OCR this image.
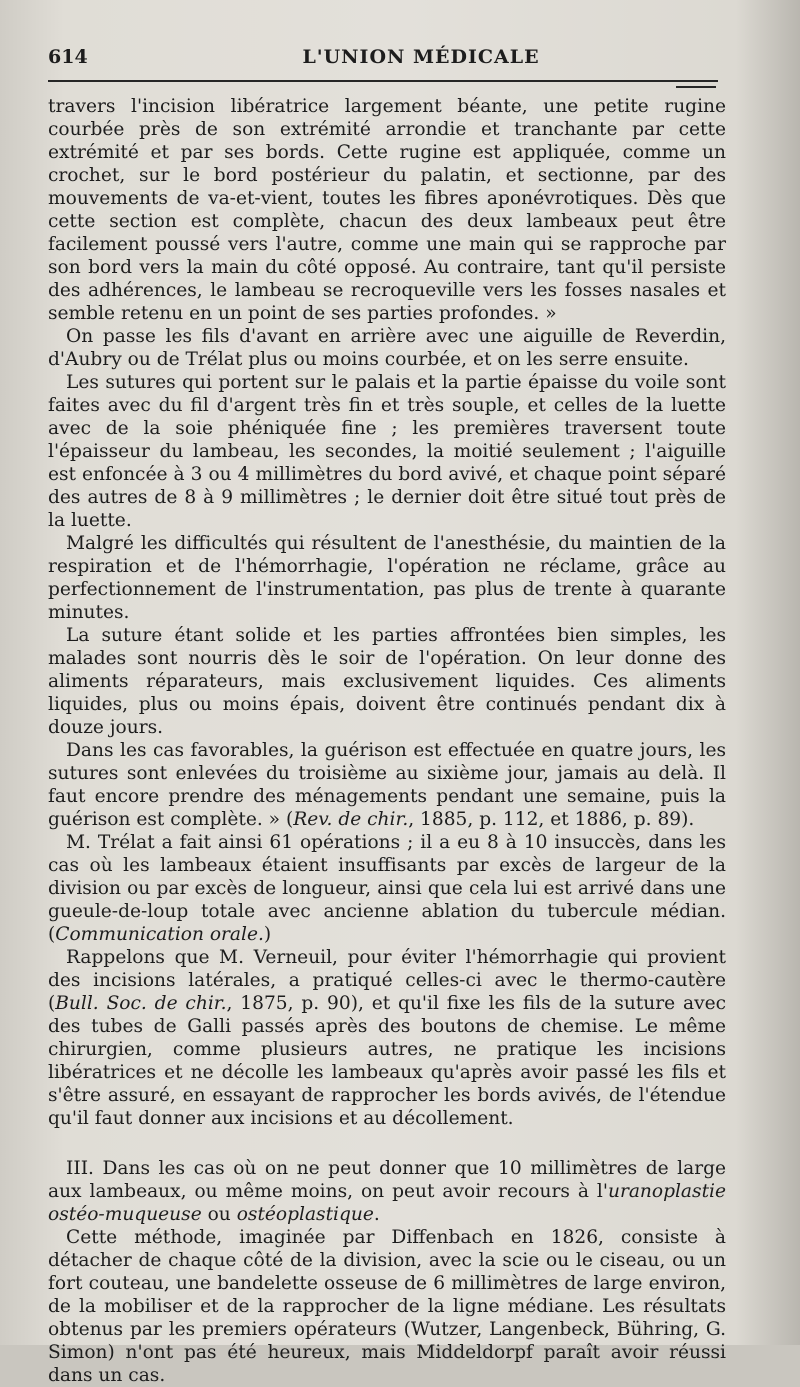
614	L'UNION MÉDICALE

travers l'incision libératrice largement béante, une petite rugine courbée près de son extrémité arrondie et tranchante par cette extrémité et par ses bords. Cette rugine est appliquée, comme un crochet, sur le bord postérieur du palatin, et sectionne, par des mouvements de va-et-vient, toutes les fibres aponévrotiques. Dès que cette section est complète, chacun des deux lambeaux peut être facilement poussé vers l'autre, comme une main qui se rapproche par son bord vers la main du côté opposé. Au contraire, tant qu'il persiste des adhérences, le lambeau se recroqueville vers les fosses nasales et semble retenu en un point de ses parties profondes. »

On passe les fils d'avant en arrière avec une aiguille de Reverdin, d'Aubry ou de Trélat plus ou moins courbée, et on les serre ensuite.

Les sutures qui portent sur le palais et la partie épaisse du voile sont faites avec du fil d'argent très fin et très souple, et celles de la luette avec de la soie phéniquée fine ; les premières traversent toute l'épaisseur du lambeau, les secondes, la moitié seulement ; l'aiguille est enfoncée à 3 ou 4 millimètres du bord avivé, et chaque point séparé des autres de 8 à 9 millimètres ; le dernier doit être situé tout près de la luette.

Malgré les difficultés qui résultent de l'anesthésie, du maintien de la respiration et de l'hémorrhagie, l'opération ne réclame, grâce au perfectionnement de l'instrumentation, pas plus de trente à quarante minutes.

La suture étant solide et les parties affrontées bien simples, les malades sont nourris dès le soir de l'opération. On leur donne des aliments réparateurs, mais exclusivement liquides. Ces aliments liquides, plus ou moins épais, doivent être continués pendant dix à douze jours.

Dans les cas favorables, la guérison est effectuée en quatre jours, les sutures sont enlevées du troisième au sixième jour, jamais au delà. Il faut encore prendre des ménagements pendant une semaine, puis la guérison est complète. » (Rev. de chir., 1885, p. 112, et 1886, p. 89).

M. Trélat a fait ainsi 61 opérations ; il a eu 8 à 10 insuccès, dans les cas où les lambeaux étaient insuffisants par excès de largeur de la division ou par excès de longueur, ainsi que cela lui est arrivé dans une gueule-de-loup totale avec ancienne ablation du tubercule médian. (Communication orale.)

Rappelons que M. Verneuil, pour éviter l'hémorrhagie qui provient des incisions latérales, a pratiqué celles-ci avec le thermo-cautère (Bull. Soc. de chir., 1875, p. 90), et qu'il fixe les fils de la suture avec des tubes de Galli passés après des boutons de chemise. Le même chirurgien, comme plusieurs autres, ne pratique les incisions libératrices et ne décolle les lambeaux qu'après avoir passé les fils et s'être assuré, en essayant de rapprocher les bords avivés, de l'étendue qu'il faut donner aux incisions et au décollement.

III. Dans les cas où on ne peut donner que 10 millimètres de large aux lambeaux, ou même moins, on peut avoir recours à l'uranoplastie ostéo-muqueuse ou ostéoplastique.

Cette méthode, imaginée par Diffenbach en 1826, consiste à détacher de chaque côté de la division, avec la scie ou le ciseau, ou un fort couteau, une bandelette osseuse de 6 millimètres de large environ, de la mobiliser et de la rapprocher de la ligne médiane. Les résultats obtenus par les premiers opérateurs (Wutzer, Langenbeck, Bühring, G. Simon) n'ont pas été heureux, mais Middeldorpf paraît avoir réussi dans un cas.
